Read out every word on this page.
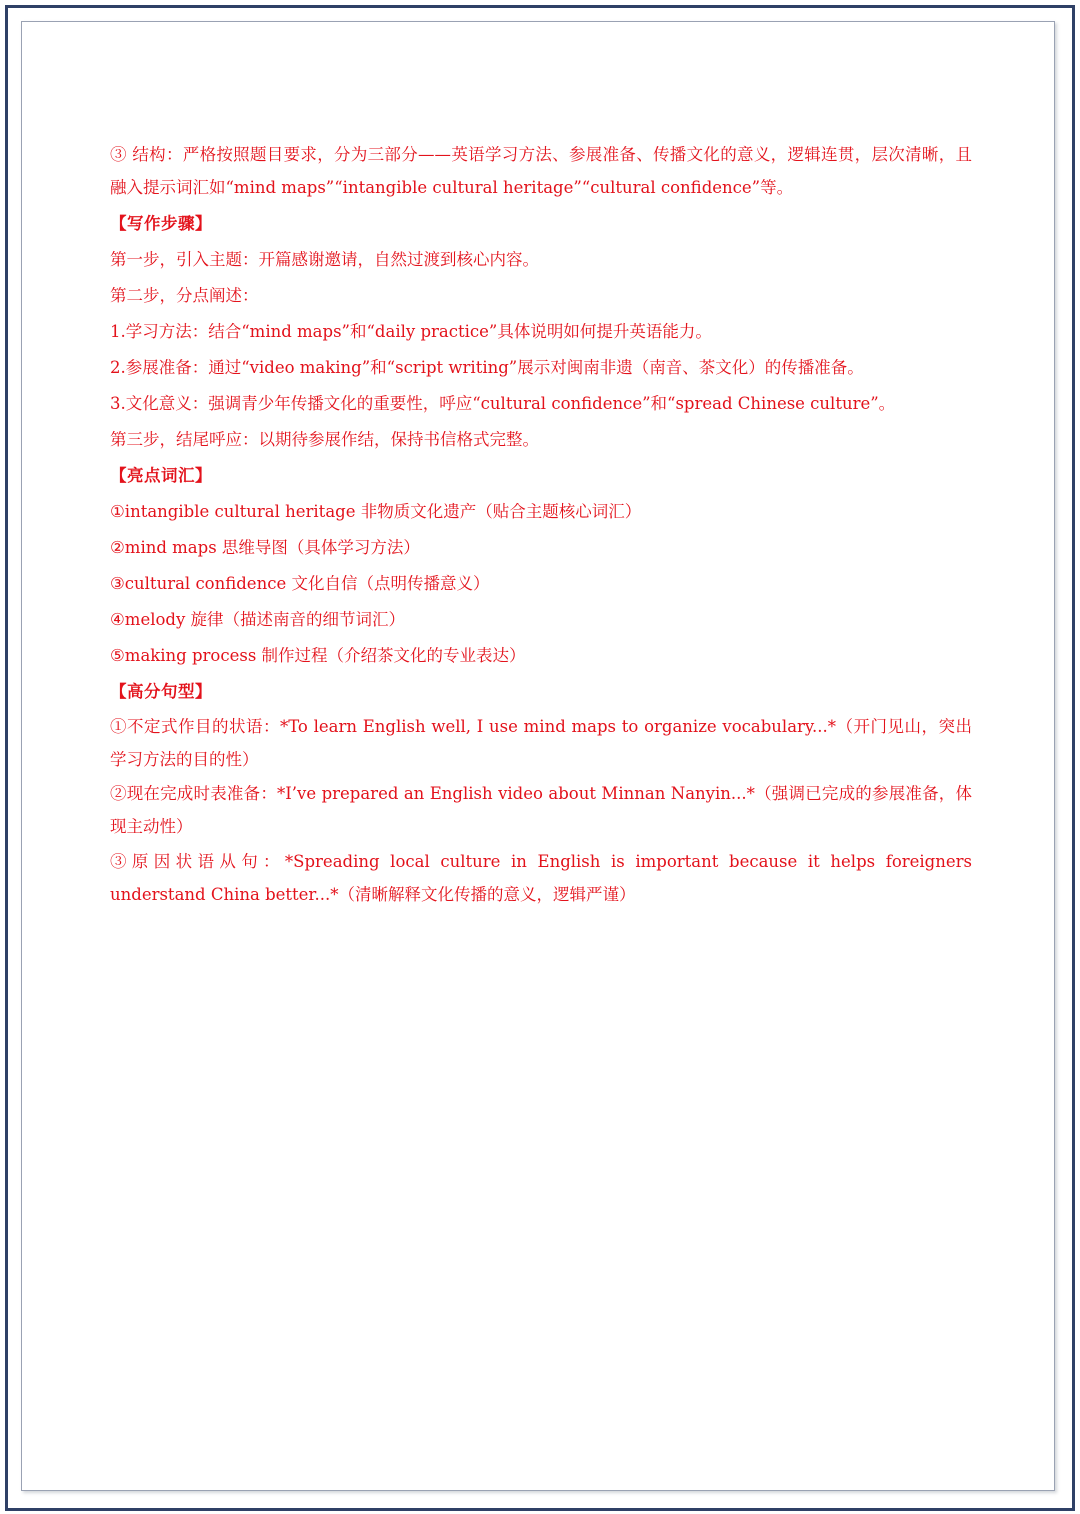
③ 结构：严格按照题目要求，分为三部分——英语学习方法、参展准备、传播文化的意义，逻辑连贯，层次清晰，且融入提示词汇如“mind maps”“intangible cultural heritage”“cultural confidence”等。

【写作步骤】

第一步，引入主题：开篇感谢邀请，自然过渡到核心内容。

第二步，分点阐述：

1.学习方法：结合“mind maps”和“daily practice”具体说明如何提升英语能力。

2.参展准备：通过“video making”和“script writing”展示对闽南非遗（南音、茶文化）的传播准备。

3.文化意义：强调青少年传播文化的重要性，呼应“cultural confidence”和“spread Chinese culture”。

第三步，结尾呼应：以期待参展作结，保持书信格式完整。

【亮点词汇】

①intangible cultural heritage 非物质文化遗产（贴合主题核心词汇）

②mind maps 思维导图（具体学习方法）

③cultural confidence 文化自信（点明传播意义）

④melody 旋律（描述南音的细节词汇）

⑤making process 制作过程（介绍茶文化的专业表达）

【高分句型】

①不定式作目的状语：*To learn English well, I use mind maps to organize vocabulary...*（开门见山，突出学习方法的目的性）

②现在完成时表准备：*I’ve prepared an English video about Minnan Nanyin...*（强调已完成的参展准备，体现主动性）

③原因状语从句：*Spreading local culture in English is important because it helps foreigners understand China better...*（清晰解释文化传播的意义，逻辑严谨）
